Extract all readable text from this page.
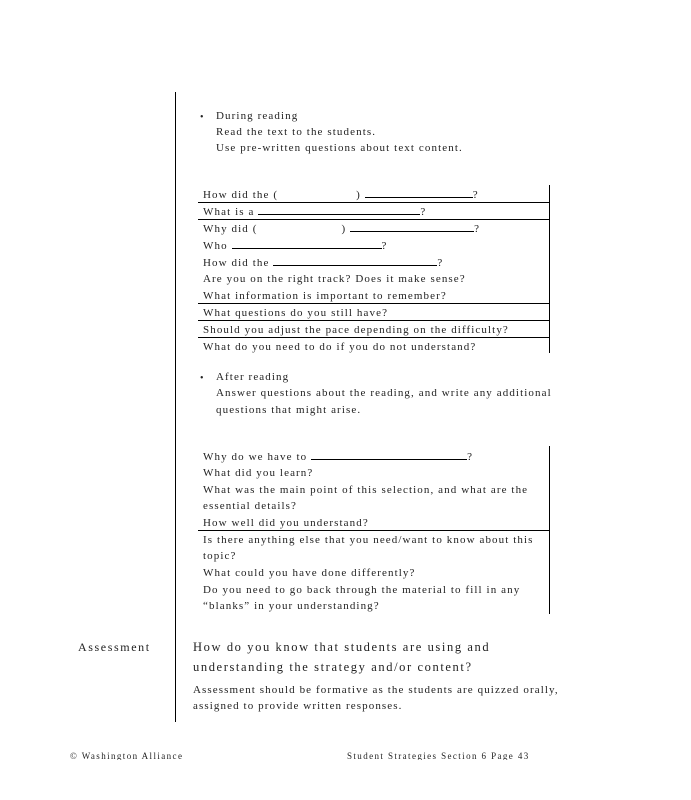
• During reading
Read the text to the students.
Use pre-written questions about text content.
How did the (	)	?
What is a	?
Why did (	)	?
Who	?
How did the	?
Are you on the right track? Does it make sense?
What information is important to remember?
What questions do you still have?
Should you adjust the pace depending on the difficulty?
What do you need to do if you do not understand?
• After reading
Answer questions about the reading, and write any additional
questions that might arise.
Why do we have to	?
What did you learn?
What was the main point of this selection, and what are the
essential details?
How well did you understand?
Is there anything else that you need/want to know about this
topic?
What could you have done differently?
Do you need to go back through the material to fill in any
“blanks” in your understanding?
Assessment	How do you know that students are using and
understanding the strategy and/or content?
Assessment should be formative as the students are quizzed orally,
assigned to provide written responses.
© Washington Alliance	Student Strategies Section 6 Page 43
